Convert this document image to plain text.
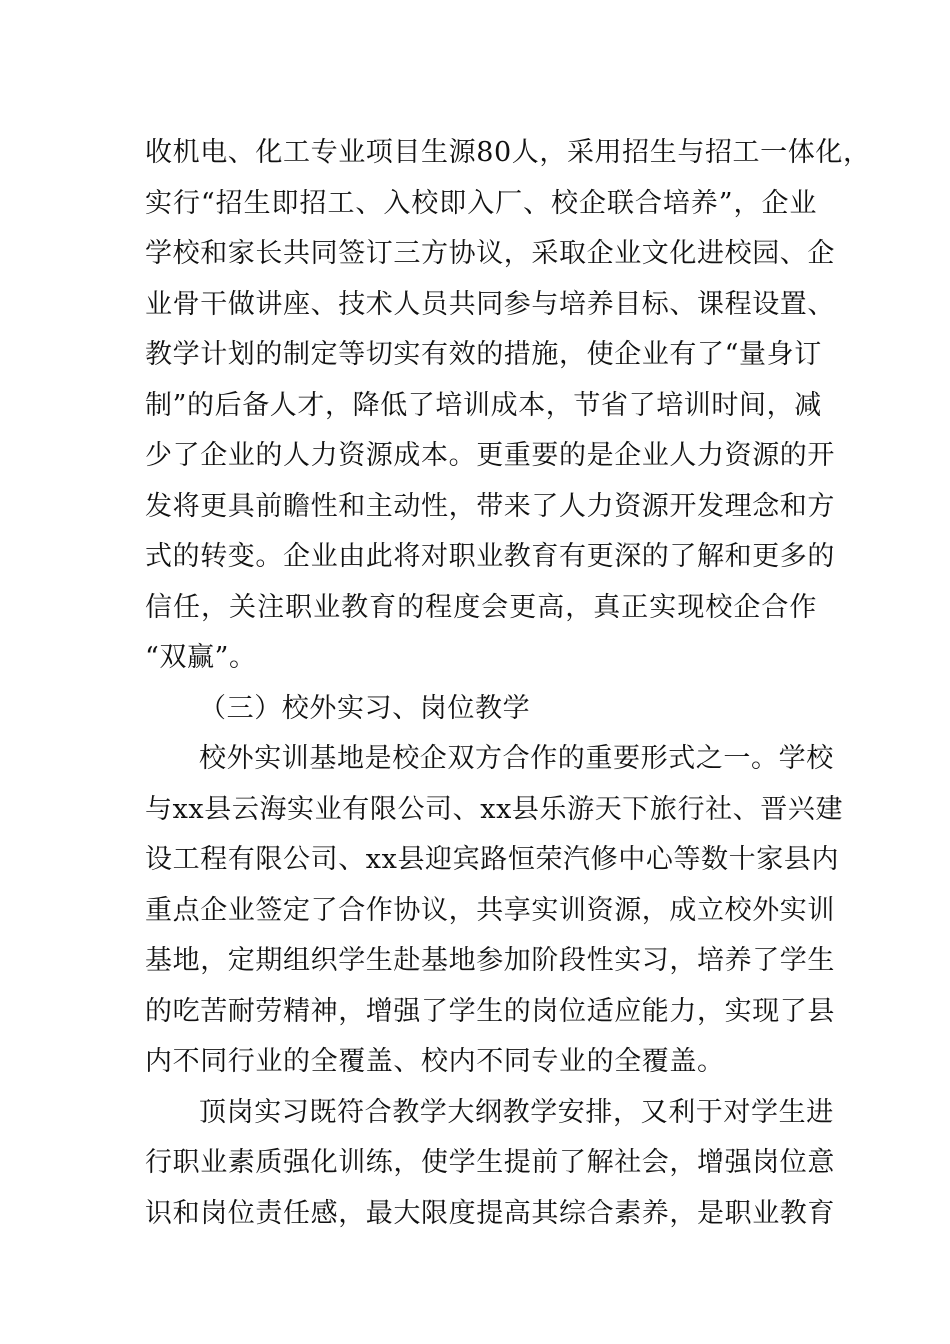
收机电、化工专业项目生源80人，采用招生与招工一体化，
实行“招生即招工、入校即入厂、校企联合培养”，企业
学校和家长共同签订三方协议，采取企业文化进校园、企
业骨干做讲座、技术人员共同参与培养目标、课程设置、
教学计划的制定等切实有效的措施，使企业有了“量身订
制”的后备人才，降低了培训成本，节省了培训时间，减
少了企业的人力资源成本。更重要的是企业人力资源的开
发将更具前瞻性和主动性，带来了人力资源开发理念和方
式的转变。企业由此将对职业教育有更深的了解和更多的
信任，关注职业教育的程度会更高，真正实现校企合作
“双赢”。
（三）校外实习、岗位教学
校外实训基地是校企双方合作的重要形式之一。学校
与xx县云海实业有限公司、xx县乐游天下旅行社、晋兴建
设工程有限公司、xx县迎宾路恒荣汽修中心等数十家县内
重点企业签定了合作协议，共享实训资源，成立校外实训
基地，定期组织学生赴基地参加阶段性实习，培养了学生
的吃苦耐劳精神，增强了学生的岗位适应能力，实现了县
内不同行业的全覆盖、校内不同专业的全覆盖。
顶岗实习既符合教学大纲教学安排，又利于对学生进
行职业素质强化训练，使学生提前了解社会，增强岗位意
识和岗位责任感，最大限度提高其综合素养，是职业教育
